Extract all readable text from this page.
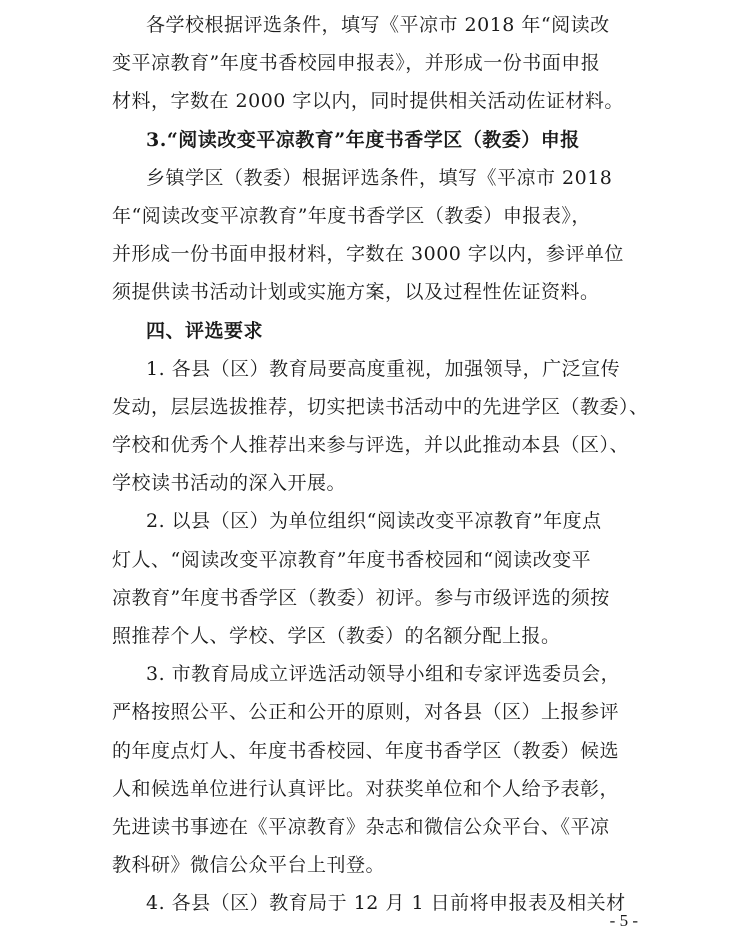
各学校根据评选条件，填写《平凉市 2018 年“阅读改
变平凉教育”年度书香校园申报表》，并形成一份书面申报
材料，字数在 2000 字以内，同时提供相关活动佐证材料。
3.“阅读改变平凉教育”年度书香学区（教委）申报
乡镇学区（教委）根据评选条件，填写《平凉市 2018
年“阅读改变平凉教育”年度书香学区（教委）申报表》，
并形成一份书面申报材料，字数在 3000 字以内，参评单位
须提供读书活动计划或实施方案，以及过程性佐证资料。
四、评选要求
1. 各县（区）教育局要高度重视，加强领导，广泛宣传
发动，层层选拔推荐，切实把读书活动中的先进学区（教委）、
学校和优秀个人推荐出来参与评选，并以此推动本县（区）、
学校读书活动的深入开展。
2. 以县（区）为单位组织“阅读改变平凉教育”年度点
灯人、“阅读改变平凉教育”年度书香校园和“阅读改变平
凉教育”年度书香学区（教委）初评。参与市级评选的须按
照推荐个人、学校、学区（教委）的名额分配上报。
3. 市教育局成立评选活动领导小组和专家评选委员会，
严格按照公平、公正和公开的原则，对各县（区）上报参评
的年度点灯人、年度书香校园、年度书香学区（教委）候选
人和候选单位进行认真评比。对获奖单位和个人给予表彰，
先进读书事迹在《平凉教育》杂志和微信公众平台、《平凉
教科研》微信公众平台上刊登。
4. 各县（区）教育局于 12 月 1 日前将申报表及相关材
- 5 -
